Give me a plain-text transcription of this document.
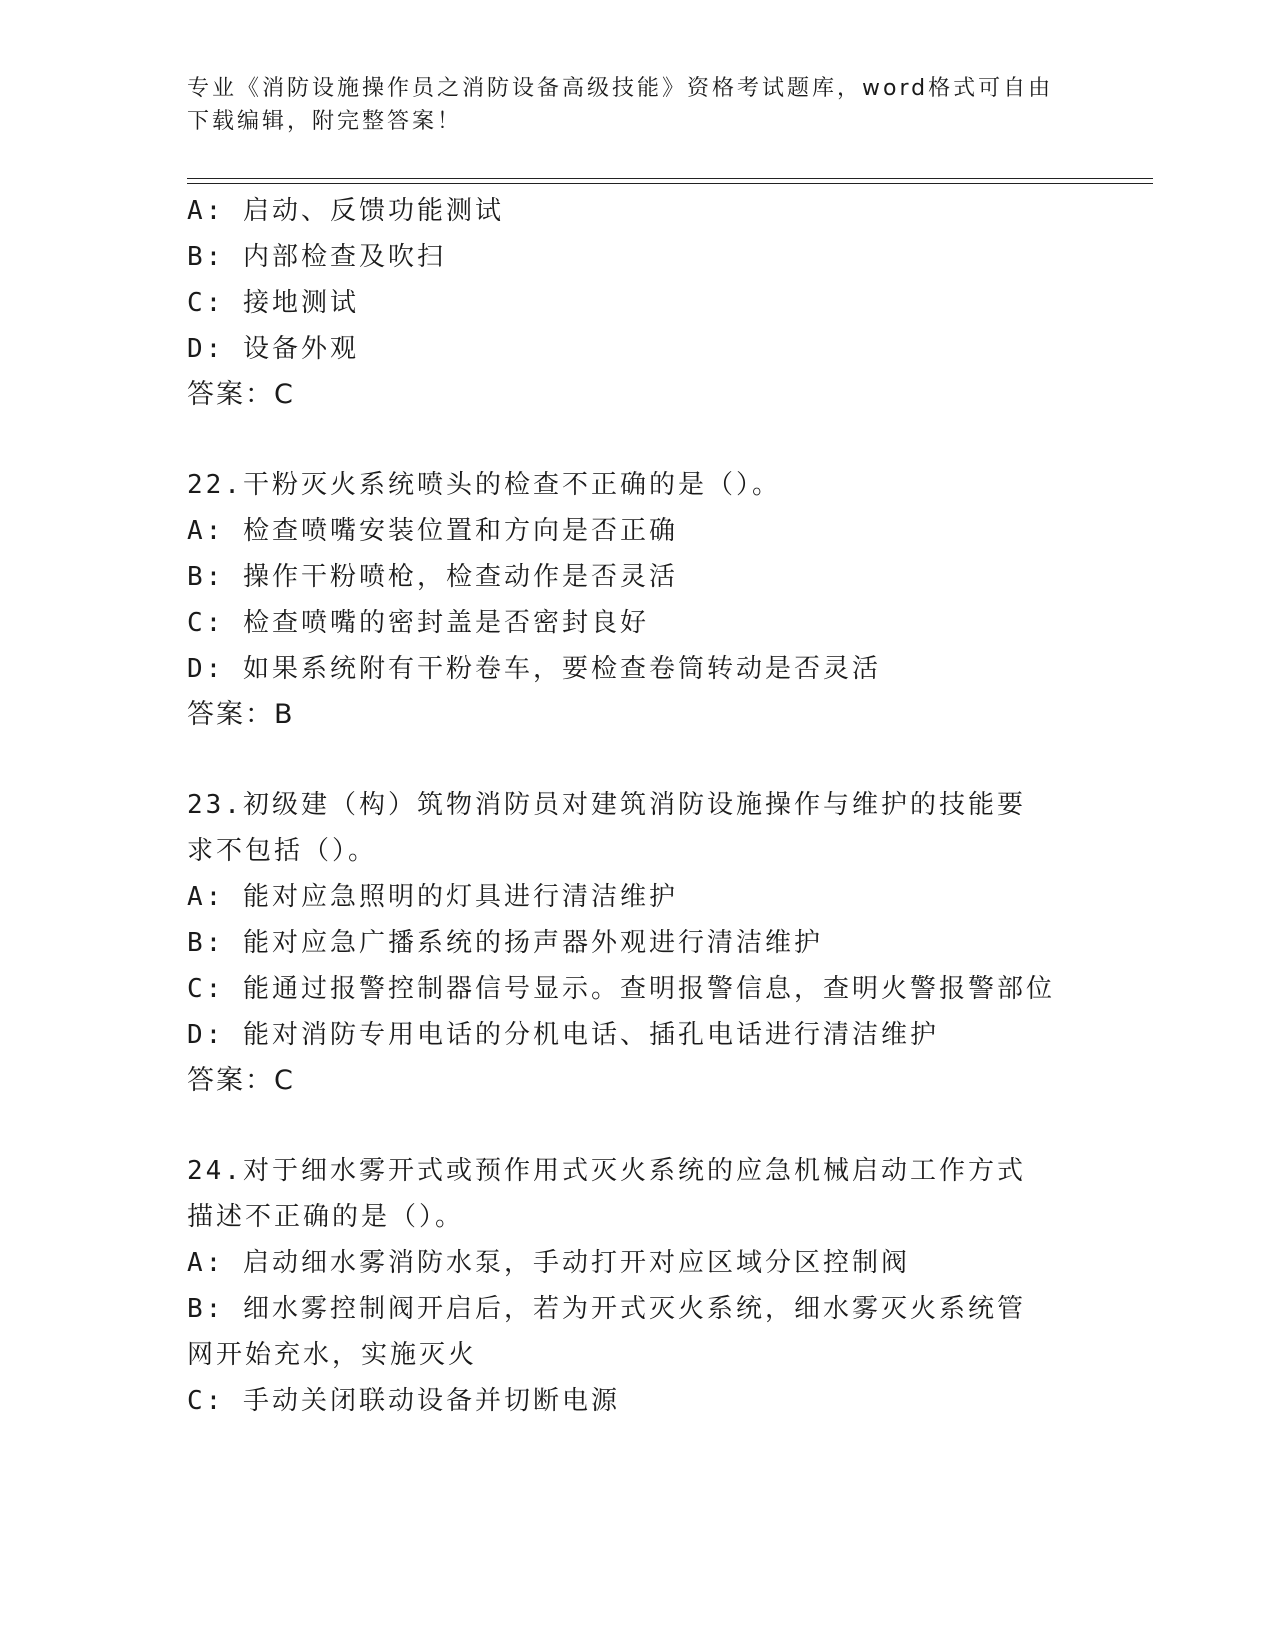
专业《消防设施操作员之消防设备高级技能》资格考试题库，word格式可自由下载编辑，附完整答案！

A: 启动、反馈功能测试

B: 内部检查及吹扫

C: 接地测试

D: 设备外观

答案：C

22.干粉灭火系统喷头的检查不正确的是（）。

A: 检查喷嘴安装位置和方向是否正确

B: 操作干粉喷枪，检查动作是否灵活

C: 检查喷嘴的密封盖是否密封良好

D: 如果系统附有干粉卷车，要检查卷筒转动是否灵活

答案：B

23.初级建（构）筑物消防员对建筑消防设施操作与维护的技能要求不包括（）。

A: 能对应急照明的灯具进行清洁维护

B: 能对应急广播系统的扬声器外观进行清洁维护

C: 能通过报警控制器信号显示。查明报警信息，查明火警报警部位

D: 能对消防专用电话的分机电话、插孔电话进行清洁维护

答案：C

24.对于细水雾开式或预作用式灭火系统的应急机械启动工作方式描述不正确的是（）。

A: 启动细水雾消防水泵，手动打开对应区域分区控制阀

B: 细水雾控制阀开启后，若为开式灭火系统，细水雾灭火系统管网开始充水，实施灭火

C: 手动关闭联动设备并切断电源
